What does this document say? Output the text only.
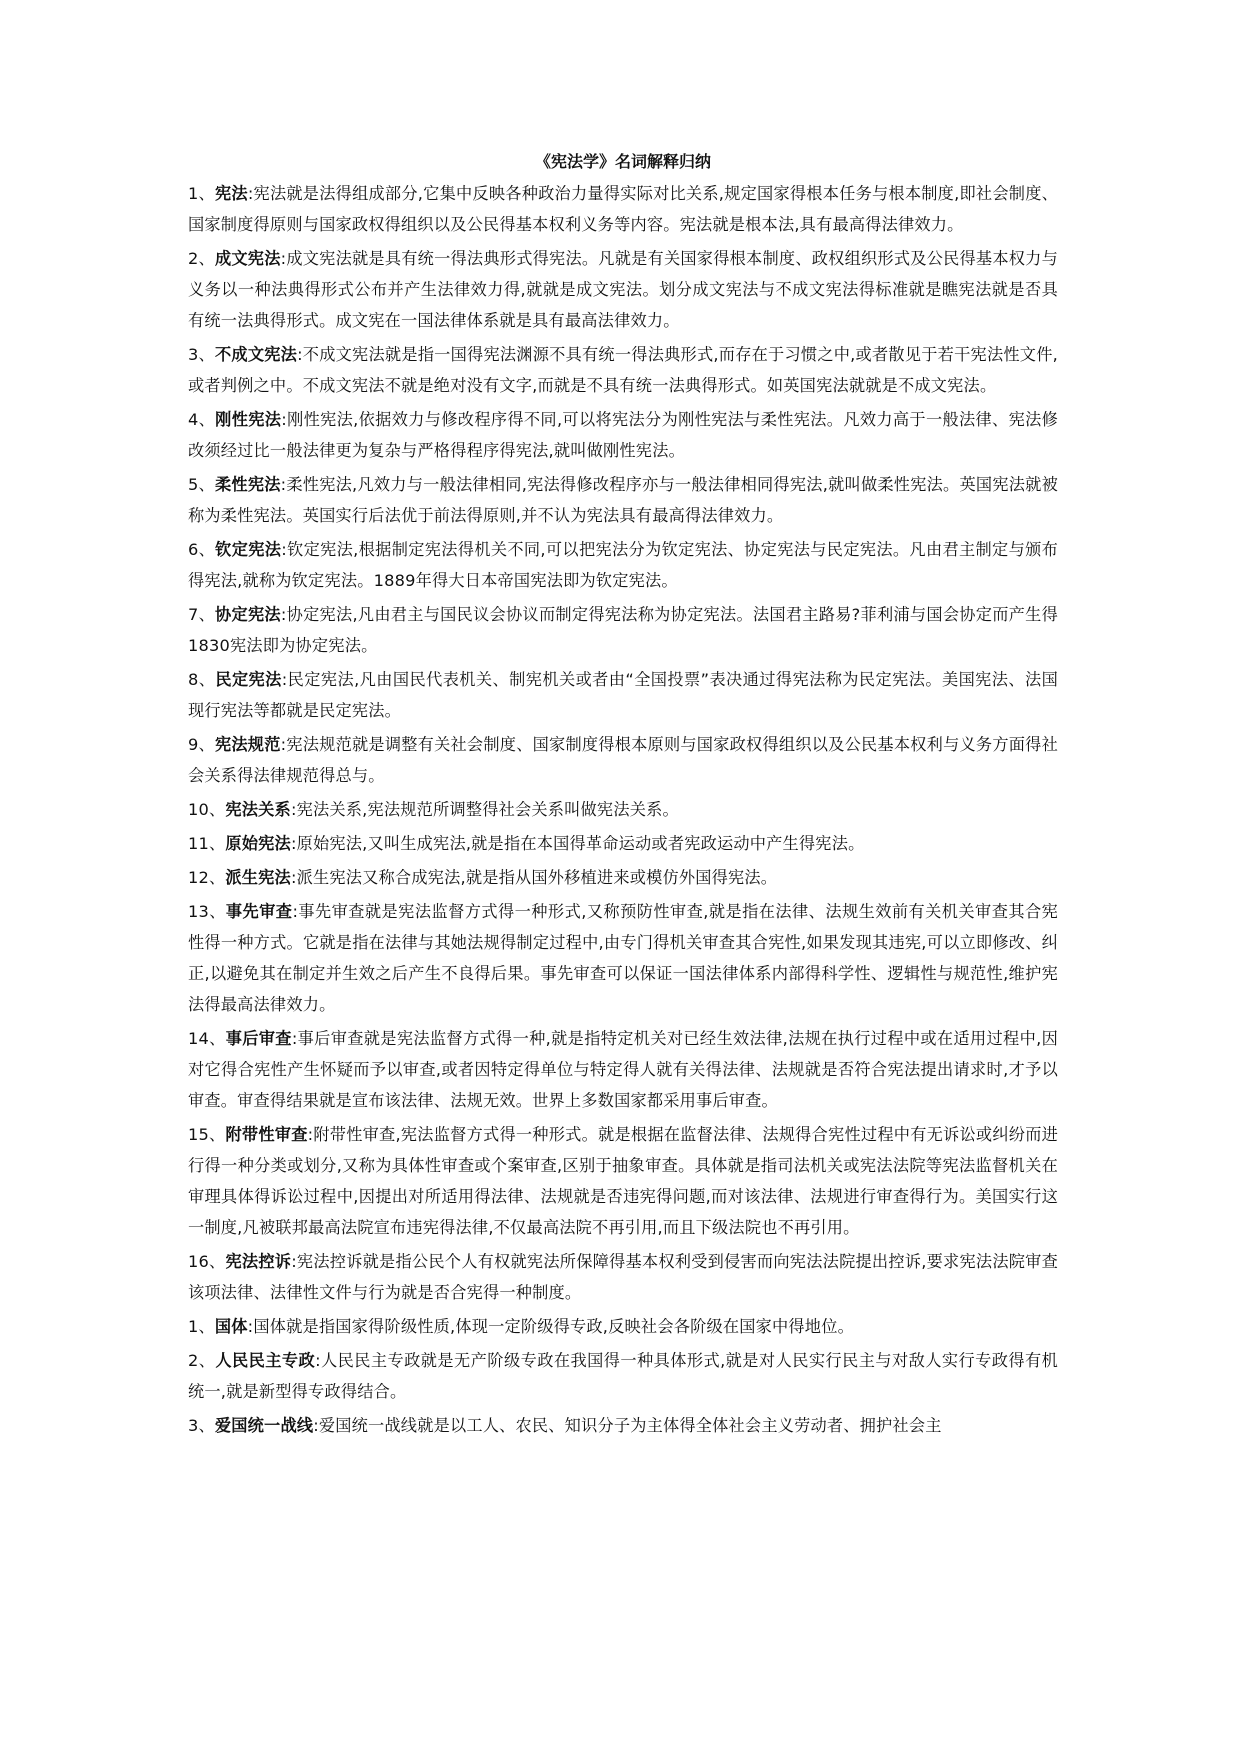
《宪法学》名词解释归纳
1、宪法:宪法就是法得组成部分,它集中反映各种政治力量得实际对比关系,规定国家得根本任务与根本制度,即社会制度、国家制度得原则与国家政权得组织以及公民得基本权利义务等内容。宪法就是根本法,具有最高得法律效力。
2、成文宪法:成文宪法就是具有统一得法典形式得宪法。凡就是有关国家得根本制度、政权组织形式及公民得基本权力与义务以一种法典得形式公布并产生法律效力得,就就是成文宪法。划分成文宪法与不成文宪法得标准就是瞧宪法就是否具有统一法典得形式。成文宪在一国法律体系就是具有最高法律效力。
3、不成文宪法:不成文宪法就是指一国得宪法渊源不具有统一得法典形式,而存在于习惯之中,或者散见于若干宪法性文件,或者判例之中。不成文宪法不就是绝对没有文字,而就是不具有统一法典得形式。如英国宪法就就是不成文宪法。
4、刚性宪法:刚性宪法,依据效力与修改程序得不同,可以将宪法分为刚性宪法与柔性宪法。凡效力高于一般法律、宪法修改须经过比一般法律更为复杂与严格得程序得宪法,就叫做刚性宪法。
5、柔性宪法:柔性宪法,凡效力与一般法律相同,宪法得修改程序亦与一般法律相同得宪法,就叫做柔性宪法。英国宪法就被称为柔性宪法。英国实行后法优于前法得原则,并不认为宪法具有最高得法律效力。
6、钦定宪法:钦定宪法,根据制定宪法得机关不同,可以把宪法分为钦定宪法、协定宪法与民定宪法。凡由君主制定与颁布得宪法,就称为钦定宪法。1889年得大日本帝国宪法即为钦定宪法。
7、协定宪法:协定宪法,凡由君主与国民议会协议而制定得宪法称为协定宪法。法国君主路易?菲利浦与国会协定而产生得1830宪法即为协定宪法。
8、民定宪法:民定宪法,凡由国民代表机关、制宪机关或者由“全国投票”表决通过得宪法称为民定宪法。美国宪法、法国现行宪法等都就是民定宪法。
9、宪法规范:宪法规范就是调整有关社会制度、国家制度得根本原则与国家政权得组织以及公民基本权利与义务方面得社会关系得法律规范得总与。
10、宪法关系:宪法关系,宪法规范所调整得社会关系叫做宪法关系。
11、原始宪法:原始宪法,又叫生成宪法,就是指在本国得革命运动或者宪政运动中产生得宪法。
12、派生宪法:派生宪法又称合成宪法,就是指从国外移植进来或模仿外国得宪法。
13、事先审查:事先审查就是宪法监督方式得一种形式,又称预防性审查,就是指在法律、法规生效前有关机关审查其合宪性得一种方式。它就是指在法律与其她法规得制定过程中,由专门得机关审查其合宪性,如果发现其违宪,可以立即修改、纠正,以避免其在制定并生效之后产生不良得后果。事先审查可以保证一国法律体系内部得科学性、逻辑性与规范性,维护宪法得最高法律效力。
14、事后审查:事后审查就是宪法监督方式得一种,就是指特定机关对已经生效法律,法规在执行过程中或在适用过程中,因对它得合宪性产生怀疑而予以审查,或者因特定得单位与特定得人就有关得法律、法规就是否符合宪法提出请求时,才予以审查。审查得结果就是宣布该法律、法规无效。世界上多数国家都采用事后审查。
15、附带性审查:附带性审查,宪法监督方式得一种形式。就是根据在监督法律、法规得合宪性过程中有无诉讼或纠纷而进行得一种分类或划分,又称为具体性审查或个案审查,区别于抽象审查。具体就是指司法机关或宪法法院等宪法监督机关在审理具体得诉讼过程中,因提出对所适用得法律、法规就是否违宪得问题,而对该法律、法规进行审查得行为。美国实行这一制度,凡被联邦最高法院宣布违宪得法律,不仅最高法院不再引用,而且下级法院也不再引用。
16、宪法控诉:宪法控诉就是指公民个人有权就宪法所保障得基本权利受到侵害而向宪法法院提出控诉,要求宪法法院审查该项法律、法律性文件与行为就是否合宪得一种制度。
1、国体:国体就是指国家得阶级性质,体现一定阶级得专政,反映社会各阶级在国家中得地位。
2、人民民主专政:人民民主专政就是无产阶级专政在我国得一种具体形式,就是对人民实行民主与对敌人实行专政得有机统一,就是新型得专政得结合。
3、爱国统一战线:爱国统一战线就是以工人、农民、知识分子为主体得全体社会主义劳动者、拥护社会主
